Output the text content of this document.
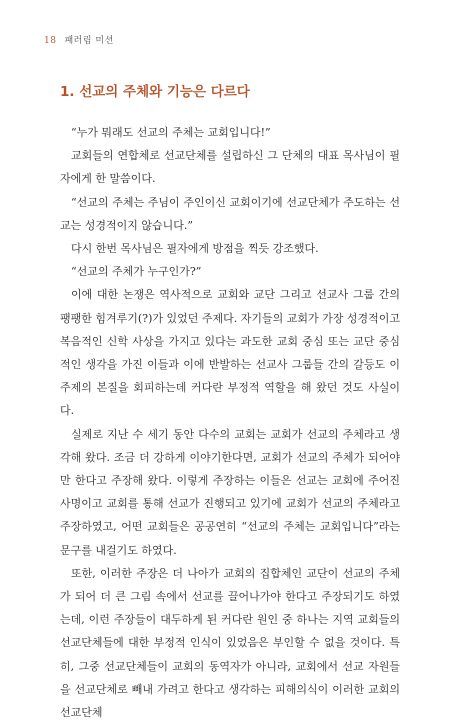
18 패러림 미션
1. 선교의 주체와 기능은 다르다

“누가 뭐래도 선교의 주체는 교회입니다!”

교회들의 연합체로 선교단체를 설립하신 그 단체의 대표 목사님이 필자에게 한 말씀이다.

“선교의 주체는 주님이 주인이신 교회이기에 선교단체가 주도하는 선교는 성경적이지 않습니다.”

다시 한번 목사님은 필자에게 방점을 찍듯 강조했다.

“선교의 주체가 누구인가?”

이에 대한 논쟁은 역사적으로 교회와 교단 그리고 선교사 그룹 간의 팽팽한 힘겨루기(?)가 있었던 주제다. 자기들의 교회가 가장 성경적이고 복음적인 신학 사상을 가지고 있다는 과도한 교회 중심 또는 교단 중심적인 생각을 가진 이들과 이에 반발하는 선교사 그룹들 간의 갈등도 이 주제의 본질을 회피하는데 커다란 부정적 역할을 해 왔던 것도 사실이다.

실제로 지난 수 세기 동안 다수의 교회는 교회가 선교의 주체라고 생각해 왔다. 조금 더 강하게 이야기한다면, 교회가 선교의 주체가 되어야만 한다고 주장해 왔다. 이렇게 주장하는 이들은 선교는 교회에 주어진 사명이고 교회를 통해 선교가 진행되고 있기에 교회가 선교의 주체라고 주장하였고, 어떤 교회들은 공공연히 “선교의 주체는 교회입니다”라는 문구를 내걸기도 하였다.

또한, 이러한 주장은 더 나아가 교회의 집합체인 교단이 선교의 주체가 되어 더 큰 그림 속에서 선교를 끌어나가야 한다고 주장되기도 하였는데, 이런 주장들이 대두하게 된 커다란 원인 중 하나는 지역 교회들의 선교단체들에 대한 부정적 인식이 있었음은 부인할 수 없을 것이다. 특히, 그중 선교단체들이 교회의 동역자가 아니라, 교회에서 선교 자원들을 선교단체로 빼내 가려고 한다고 생각하는 피해의식이 이러한 교회의 선교단체
